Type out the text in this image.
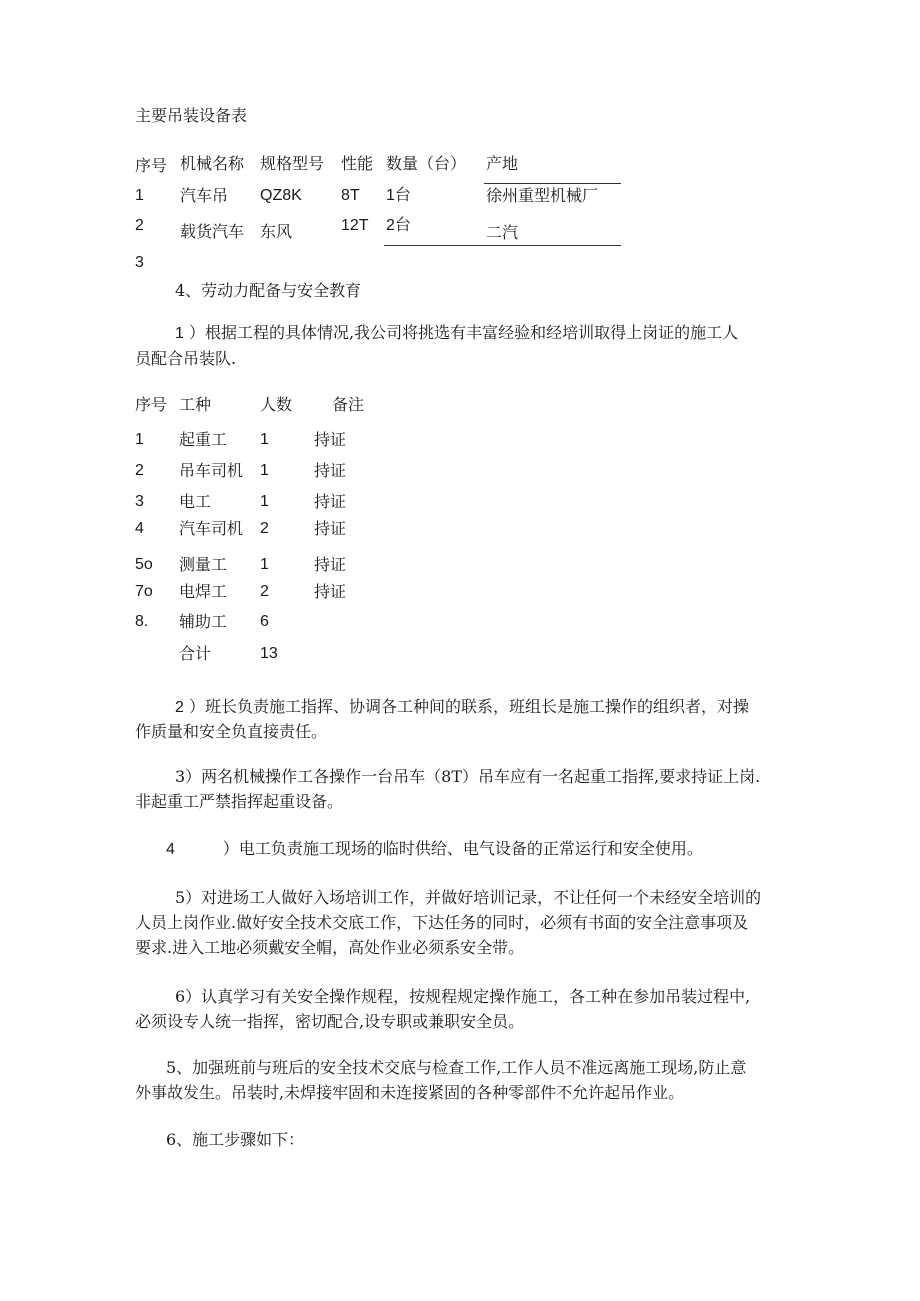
主要吊装设备表
序号 机械名称 规格型号 性能 数量（台） 产地
1 汽车吊 QZ8K 8T 1台	徐州重型机械厂
2 载货汽车 东风	12T 2台	二汽
3
4、劳动力配备与安全教育
1 ）根据工程的具体情况,我公司将挑选有丰富经验和经培训取得上岗证的施工人
员配合吊装队.
序号 工种	人数 备注
1 起重工 1	持证
2 吊车司机 1	持证
3 电工	1	持证
4 汽车司机 2	持证
5o 测量工 1	持证
7o 电焊工 2	持证
8. 辅助工 6
合计	13
2 ）班长负责施工指挥、协调各工种间的联系，班组长是施工操作的组织者，对操
作质量和安全负直接责任。
3）两名机械操作工各操作一台吊车（8T）吊车应有一名起重工指挥,要求持证上岗.
非起重工严禁指挥起重设备。
4	）电工负责施工现场的临时供给、电气设备的正常运行和安全使用。
5）对进场工人做好入场培训工作，并做好培训记录，不让任何一个未经安全培训的
人员上岗作业.做好安全技术交底工作，下达任务的同时，必须有书面的安全注意事项及
要求.进入工地必须戴安全帽，高处作业必须系安全带。
6）认真学习有关安全操作规程，按规程规定操作施工，各工种在参加吊装过程中,
必须设专人统一指挥，密切配合,设专职或兼职安全员。
5、加强班前与班后的安全技术交底与检查工作,工作人员不准远离施工现场,防止意
外事故发生。吊装时,未焊接牢固和未连接紧固的各种零部件不允许起吊作业。
6、施工步骤如下：
